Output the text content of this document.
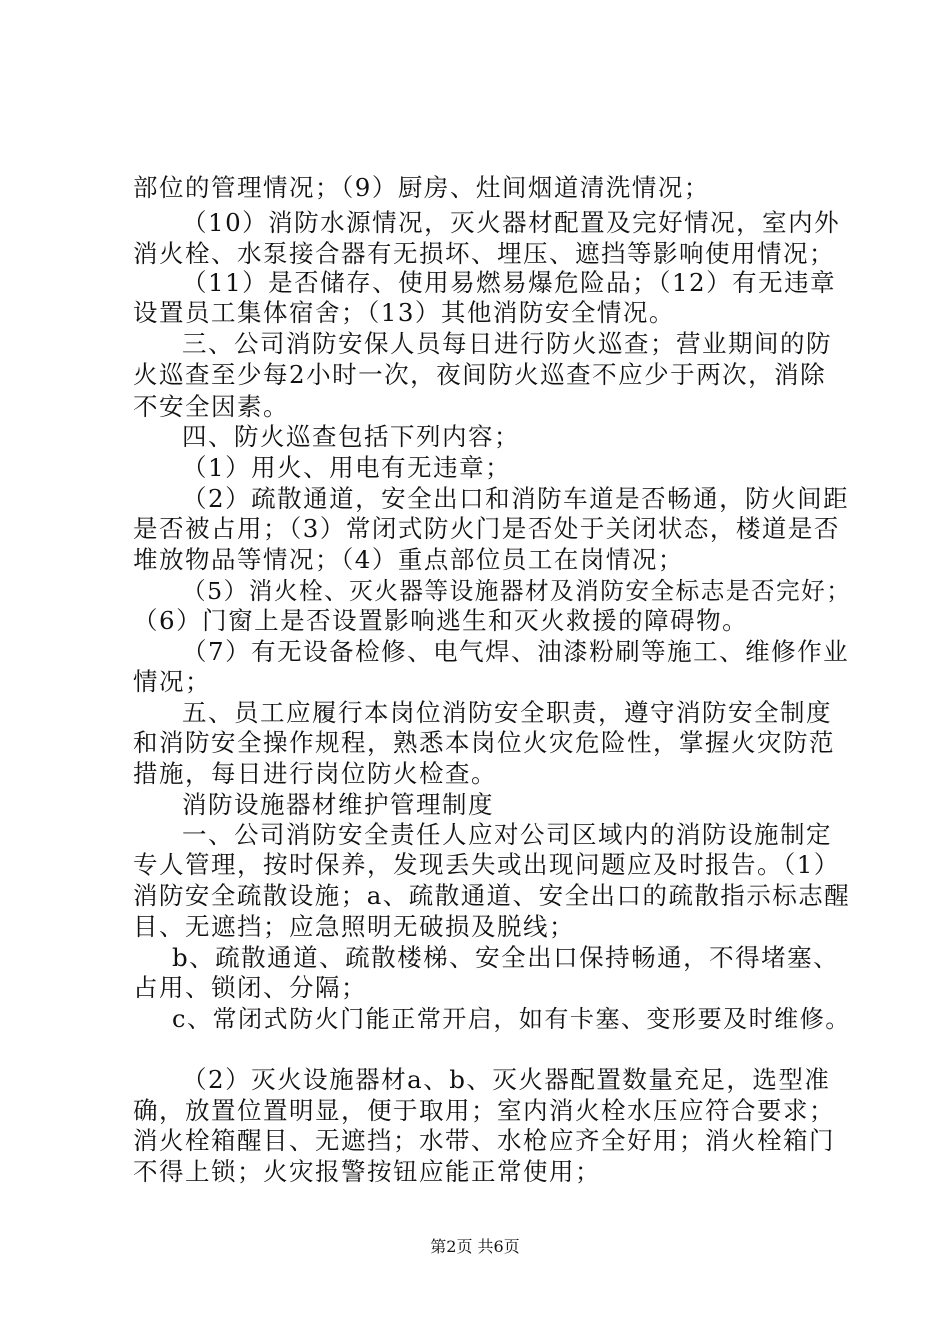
部位的管理情况；（9）厨房、灶间烟道清洗情况；
（10）消防水源情况，灭火器材配置及完好情况，室内外
消火栓、水泵接合器有无损坏、埋压、遮挡等影响使用情况；
（11）是否储存、使用易燃易爆危险品；（12）有无违章
设置员工集体宿舍；（13）其他消防安全情况。
三、公司消防安保人员每日进行防火巡查；营业期间的防
火巡查至少每2小时一次，夜间防火巡查不应少于两次，消除
不安全因素。
四、防火巡查包括下列内容；
（1）用火、用电有无违章；
（2）疏散通道，安全出口和消防车道是否畅通，防火间距
是否被占用；（3）常闭式防火门是否处于关闭状态，楼道是否
堆放物品等情况；（4）重点部位员工在岗情况；
（5）消火栓、灭火器等设施器材及消防安全标志是否完好；
（6）门窗上是否设置影响逃生和灭火救援的障碍物。
（7）有无设备检修、电气焊、油漆粉刷等施工、维修作业
情况；
五、员工应履行本岗位消防安全职责，遵守消防安全制度
和消防安全操作规程，熟悉本岗位火灾危险性，掌握火灾防范
措施，每日进行岗位防火检查。
消防设施器材维护管理制度
一、公司消防安全责任人应对公司区域内的消防设施制定
专人管理，按时保养，发现丢失或出现问题应及时报告。（1）
消防安全疏散设施；a、疏散通道、安全出口的疏散指示标志醒
目、无遮挡；应急照明无破损及脱线；
b、疏散通道、疏散楼梯、安全出口保持畅通，不得堵塞、
占用、锁闭、分隔；
c、常闭式防火门能正常开启，如有卡塞、变形要及时维修。
（2）灭火设施器材a、b、灭火器配置数量充足，选型准
确，放置位置明显，便于取用；室内消火栓水压应符合要求；
消火栓箱醒目、无遮挡；水带、水枪应齐全好用；消火栓箱门
不得上锁；火灾报警按钮应能正常使用；
第2页 共6页
